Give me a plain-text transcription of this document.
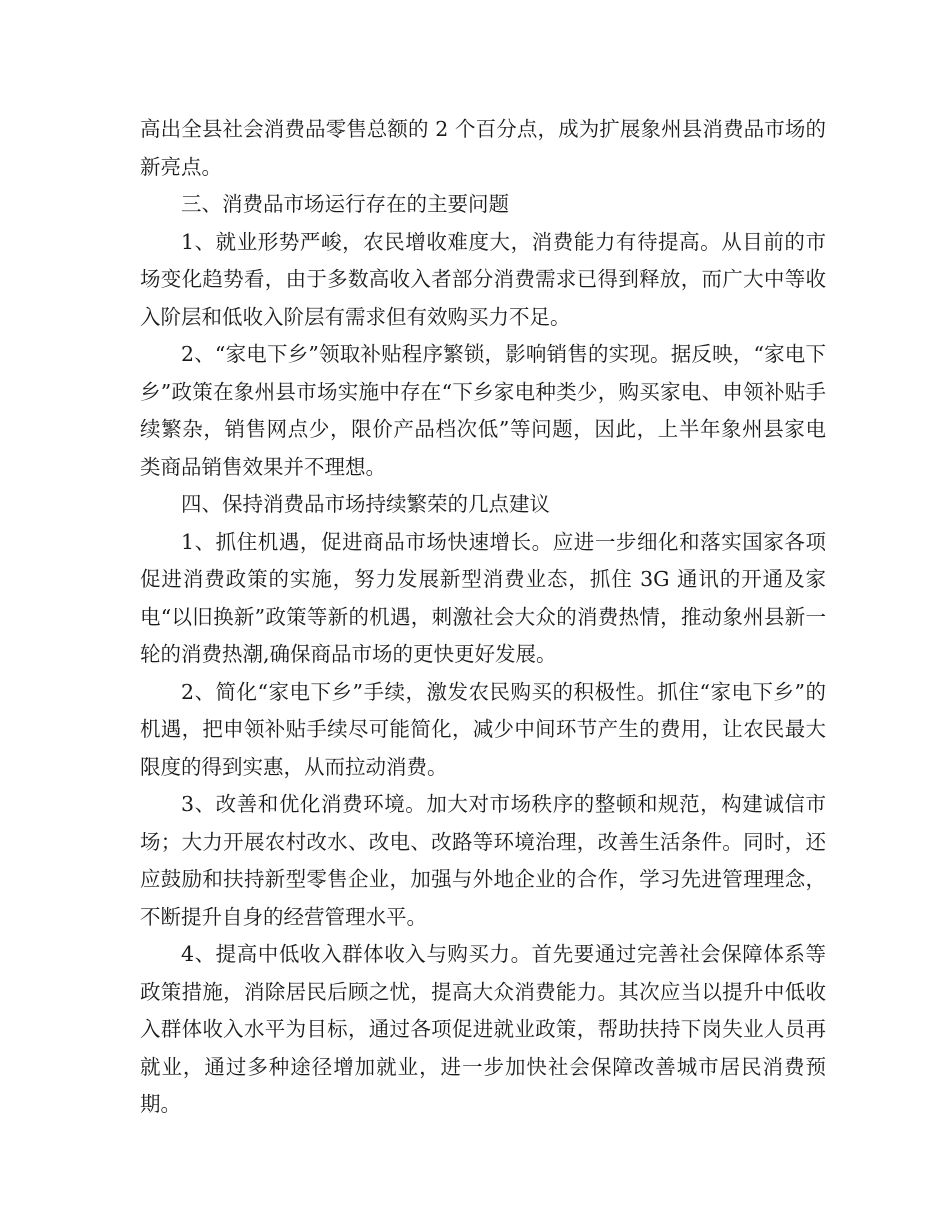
高出全县社会消费品零售总额的 2 个百分点，成为扩展象州县消费品市场的新亮点。

三、消费品市场运行存在的主要问题

1、就业形势严峻，农民增收难度大，消费能力有待提高。从目前的市场变化趋势看，由于多数高收入者部分消费需求已得到释放，而广大中等收入阶层和低收入阶层有需求但有效购买力不足。

2、“家电下乡”领取补贴程序繁锁，影响销售的实现。据反映，“家电下乡”政策在象州县市场实施中存在“下乡家电种类少，购买家电、申领补贴手续繁杂，销售网点少，限价产品档次低”等问题，因此，上半年象州县家电类商品销售效果并不理想。

四、保持消费品市场持续繁荣的几点建议

1、抓住机遇，促进商品市场快速增长。应进一步细化和落实国家各项促进消费政策的实施，努力发展新型消费业态，抓住 3G 通讯的开通及家电“以旧换新”政策等新的机遇，刺激社会大众的消费热情，推动象州县新一轮的消费热潮,确保商品市场的更快更好发展。

2、简化“家电下乡”手续，激发农民购买的积极性。抓住“家电下乡”的机遇，把申领补贴手续尽可能简化，减少中间环节产生的费用，让农民最大限度的得到实惠，从而拉动消费。

3、改善和优化消费环境。加大对市场秩序的整顿和规范，构建诚信市场；大力开展农村改水、改电、改路等环境治理，改善生活条件。同时，还应鼓励和扶持新型零售企业，加强与外地企业的合作，学习先进管理理念，不断提升自身的经营管理水平。

4、提高中低收入群体收入与购买力。首先要通过完善社会保障体系等政策措施，消除居民后顾之忧，提高大众消费能力。其次应当以提升中低收入群体收入水平为目标，通过各项促进就业政策，帮助扶持下岗失业人员再就业，通过多种途径增加就业，进一步加快社会保障改善城市居民消费预期。
